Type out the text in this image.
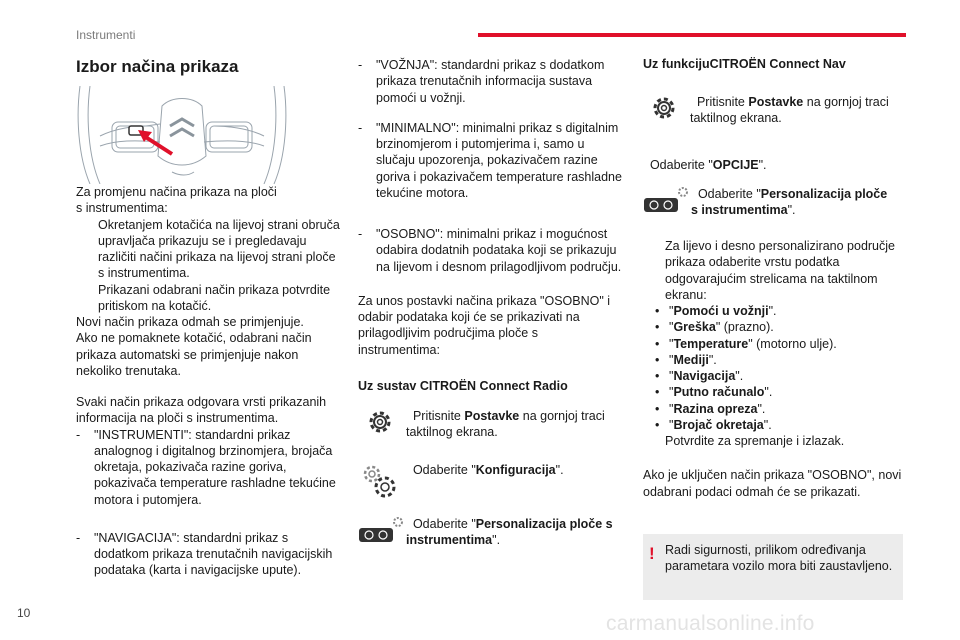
Instrumenti
Izbor načina prikaza

Za promjenu načina prikaza na ploči

s instrumentima:

Okretanjem kotačića na lijevoj strani obruča upravljača prikazuju se i pregledavaju različiti načini prikaza na lijevoj strani ploče s instrumentima.
Prikazani odabrani način prikaza potvrdite pritiskom na kotačić.

Novi način prikaza odmah se primjenjuje.

Ako ne pomaknete kotačić, odabrani način prikaza automatski se primjenjuje nakon nekoliko trenutaka.

Svaki način prikaza odgovara vrsti prikazanih informacija na ploči s instrumentima.

- "INSTRUMENTI": standardni prikaz analognog i digitalnog brzinomjera, brojača okretaja, pokazivača razine goriva, pokazivača temperature rashladne tekućine motora i putomjera.
- "NAVIGACIJA": standardni prikaz s dodatkom prikaza trenutačnih navigacijskih podataka (karta i navigacijske upute).
- "VOŽNJA": standardni prikaz s dodatkom prikaza trenutačnih informacija sustava pomoći u vožnji.
- "MINIMALNO": minimalni prikaz s digitalnim brzinomjerom i putomjerima i, samo u slučaju upozorenja, pokazivačem razine goriva i pokazivačem temperature rashladne tekućine motora.
- "OSOBNO": minimalni prikaz i mogućnost odabira dodatnih podataka koji se prikazuju na lijevom i desnom prilagodljivom području.

Za unos postavki načina prikaza "OSOBNO" i odabir podataka koji će se prikazivati na prilagodljivim područjima ploče s instrumentima:

Uz sustav CITROËN Connect Radio
Pritisnite Postavke na gornjoj traci taktilnog ekrana.
Odaberite "Konfiguracija".
Odaberite "Personalizacija ploče s instrumentima".
Uz funkcijuCITROËN Connect Nav
Pritisnite Postavke na gornjoj traci taktilnog ekrana.
Odaberite "OPCIJE".
Odaberite "Personalizacija ploče s instrumentima".
Za lijevo i desno personalizirano područje prikaza odaberite vrstu podatka odgovarajućim strelicama na taktilnom ekranu:
• "Pomoći u vožnji".
• "Greška" (prazno).
• "Temperature" (motorno ulje).
• "Mediji".
• "Navigacija".
• "Putno računalo".
• "Razina opreza".
• "Brojač okretaja".
Potvrdite za spremanje i izlazak.

Ako je uključen način prikaza "OSOBNO", novi odabrani podaci odmah će se prikazati.

! Radi sigurnosti, prilikom određivanja parametara vozilo mora biti zaustavljeno.
10	carmanualsonline.info
